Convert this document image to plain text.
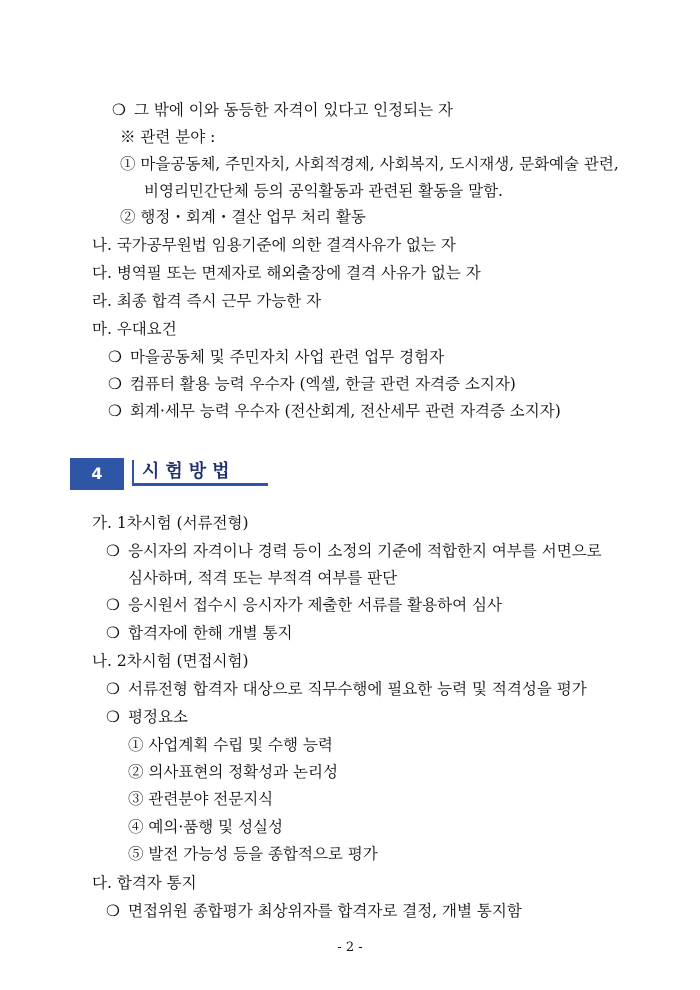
❍ 그 밖에 이와 동등한 자격이 있다고 인정되는 자
※ 관련 분야 :
① 마을공동체, 주민자치, 사회적경제, 사회복지, 도시재생, 문화예술 관련,
비영리민간단체 등의 공익활동과 관련된 활동을 말함.
② 행정・회계・결산 업무 처리 활동
나. 국가공무원법 임용기준에 의한 결격사유가 없는 자
다. 병역필 또는 면제자로 해외출장에 결격 사유가 없는 자
라. 최종 합격 즉시 근무 가능한 자
마. 우대요건
❍ 마을공동체 및 주민자치 사업 관련 업무 경험자
❍ 컴퓨터 활용 능력 우수자 (엑셀, 한글 관련 자격증 소지자)
❍ 회계·세무 능력 우수자 (전산회계, 전산세무 관련 자격증 소지자)
4	시험방법
가. 1차시험 (서류전형)
❍ 응시자의 자격이나 경력 등이 소정의 기준에 적합한지 여부를 서면으로
심사하며, 적격 또는 부적격 여부를 판단
❍ 응시원서 접수시 응시자가 제출한 서류를 활용하여 심사
❍ 합격자에 한해 개별 통지
나. 2차시험 (면접시험)
❍ 서류전형 합격자 대상으로 직무수행에 필요한 능력 및 적격성을 평가
❍ 평정요소
① 사업계획 수립 및 수행 능력
② 의사표현의 정확성과 논리성
③ 관련분야 전문지식
④ 예의·품행 및 성실성
⑤ 발전 가능성 등을 종합적으로 평가
다. 합격자 통지
❍ 면접위원 종합평가 최상위자를 합격자로 결정, 개별 통지함
- 2 -
